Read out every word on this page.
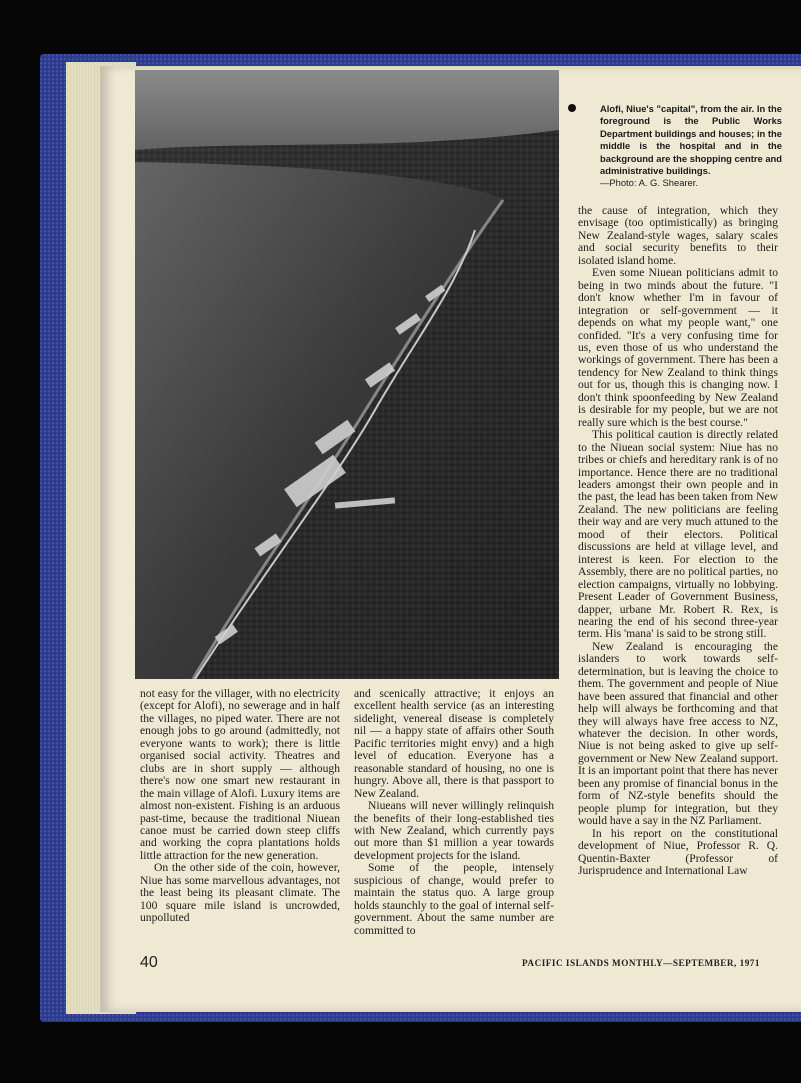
Alofi, Niue's "capital", from the air. In the foreground is the Public Works Department buildings and houses; in the middle is the hospital and in the background are the shopping centre and administrative buildings.
—Photo: A. G. Shearer.

not easy for the villager, with no electricity (except for Alofi), no sewerage and in half the villages, no piped water. There are not enough jobs to go around (admittedly, not everyone wants to work); there is little organised social activity. Theatres and clubs are in short supply — although there's now one smart new restaurant in the main village of Alofi. Luxury items are almost non-existent. Fishing is an arduous past-time, because the traditional Niuean canoe must be carried down steep cliffs and working the copra plantations holds little attraction for the new generation.

On the other side of the coin, however, Niue has some marvellous advantages, not the least being its pleasant climate. The 100 square mile island is uncrowded, unpolluted

and scenically attractive; it enjoys an excellent health service (as an interesting sidelight, venereal disease is completely nil — a happy state of affairs other South Pacific territories might envy) and a high level of education. Everyone has a reasonable standard of housing, no one is hungry. Above all, there is that passport to New Zealand.

Niueans will never willingly relinquish the benefits of their long-established ties with New Zealand, which currently pays out more than $1 million a year towards development projects for the island.

Some of the people, intensely suspicious of change, would prefer to maintain the status quo. A large group holds staunchly to the goal of internal self-government. About the same number are committed to

the cause of integration, which they envisage (too optimistically) as bringing New Zealand-style wages, salary scales and social security benefits to their isolated island home.

Even some Niuean politicians admit to being in two minds about the future. "I don't know whether I'm in favour of integration or self-government — it depends on what my people want," one confided. "It's a very confusing time for us, even those of us who understand the workings of government. There has been a tendency for New Zealand to think things out for us, though this is changing now. I don't think spoonfeeding by New Zealand is desirable for my people, but we are not really sure which is the best course."

This political caution is directly related to the Niuean social system: Niue has no tribes or chiefs and hereditary rank is of no importance. Hence there are no traditional leaders amongst their own people and in the past, the lead has been taken from New Zealand. The new politicians are feeling their way and are very much attuned to the mood of their electors. Political discussions are held at village level, and interest is keen. For election to the Assembly, there are no political parties, no election campaigns, virtually no lobbying. Present Leader of Government Business, dapper, urbane Mr. Robert R. Rex, is nearing the end of his second three-year term. His 'mana' is said to be strong still.

New Zealand is encouraging the islanders to work towards self-determination, but is leaving the choice to them. The government and people of Niue have been assured that financial and other help will always be forthcoming and that they will always have free access to NZ, whatever the decision. In other words, Niue is not being asked to give up self-government or New New Zealand support. It is an important point that there has never been any promise of financial bonus in the form of NZ-style benefits should the people plump for integration, but they would have a say in the NZ Parliament.

In his report on the constitutional development of Niue, Professor R. Q. Quentin-Baxter (Professor of Jurisprudence and International Law

40	PACIFIC ISLANDS MONTHLY—SEPTEMBER, 1971
